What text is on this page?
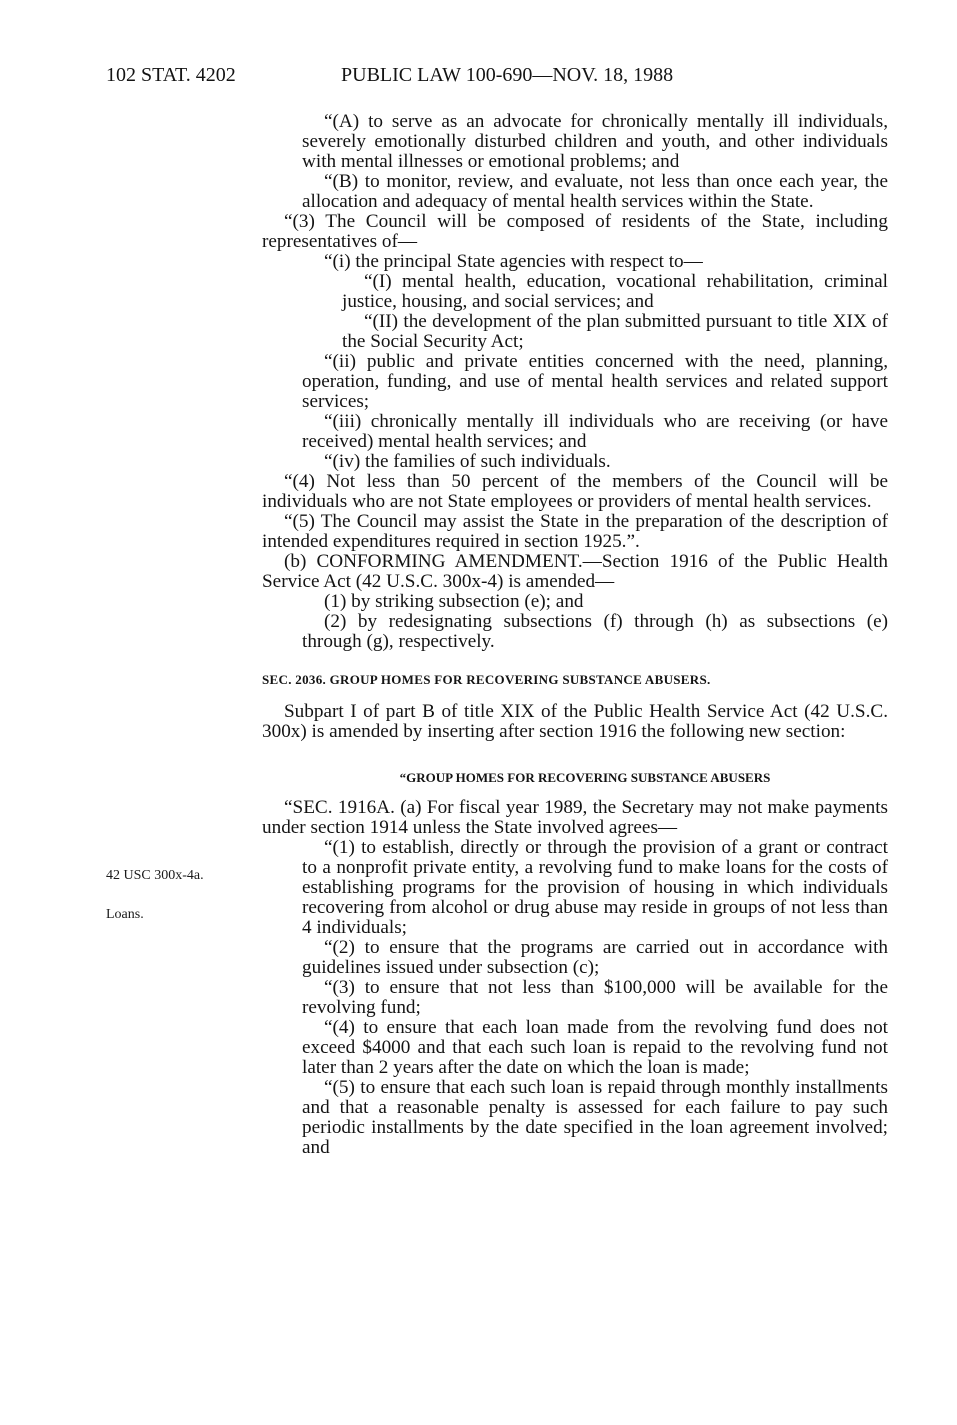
102 STAT. 4202	PUBLIC LAW 100-690—NOV. 18, 1988
42 USC 300x-4a.
Loans.

“(A) to serve as an advocate for chronically mentally ill individuals, severely emotionally disturbed children and youth, and other individuals with mental illnesses or emotional problems; and

“(B) to monitor, review, and evaluate, not less than once each year, the allocation and adequacy of mental health services within the State.

“(3) The Council will be composed of residents of the State, including representatives of—

“(i) the principal State agencies with respect to—

“(I) mental health, education, vocational rehabilitation, criminal justice, housing, and social services; and

“(II) the development of the plan submitted pursuant to title XIX of the Social Security Act;

“(ii) public and private entities concerned with the need, planning, operation, funding, and use of mental health services and related support services;

“(iii) chronically mentally ill individuals who are receiving (or have received) mental health services; and

“(iv) the families of such individuals.

“(4) Not less than 50 percent of the members of the Council will be individuals who are not State employees or providers of mental health services.

“(5) The Council may assist the State in the preparation of the description of intended expenditures required in section 1925.”.

(b) CONFORMING AMENDMENT.—Section 1916 of the Public Health Service Act (42 U.S.C. 300x-4) is amended—

(1) by striking subsection (e); and

(2) by redesignating subsections (f) through (h) as subsections (e) through (g), respectively.

SEC. 2036. GROUP HOMES FOR RECOVERING SUBSTANCE ABUSERS.

Subpart I of part B of title XIX of the Public Health Service Act (42 U.S.C. 300x) is amended by inserting after section 1916 the following new section:

“GROUP HOMES FOR RECOVERING SUBSTANCE ABUSERS

“SEC. 1916A. (a) For fiscal year 1989, the Secretary may not make payments under section 1914 unless the State involved agrees—

“(1) to establish, directly or through the provision of a grant or contract to a nonprofit private entity, a revolving fund to make loans for the costs of establishing programs for the provision of housing in which individuals recovering from alcohol or drug abuse may reside in groups of not less than 4 individuals;

“(2) to ensure that the programs are carried out in accordance with guidelines issued under subsection (c);

“(3) to ensure that not less than $100,000 will be available for the revolving fund;

“(4) to ensure that each loan made from the revolving fund does not exceed $4000 and that each such loan is repaid to the revolving fund not later than 2 years after the date on which the loan is made;

“(5) to ensure that each such loan is repaid through monthly installments and that a reasonable penalty is assessed for each failure to pay such periodic installments by the date specified in the loan agreement involved; and
